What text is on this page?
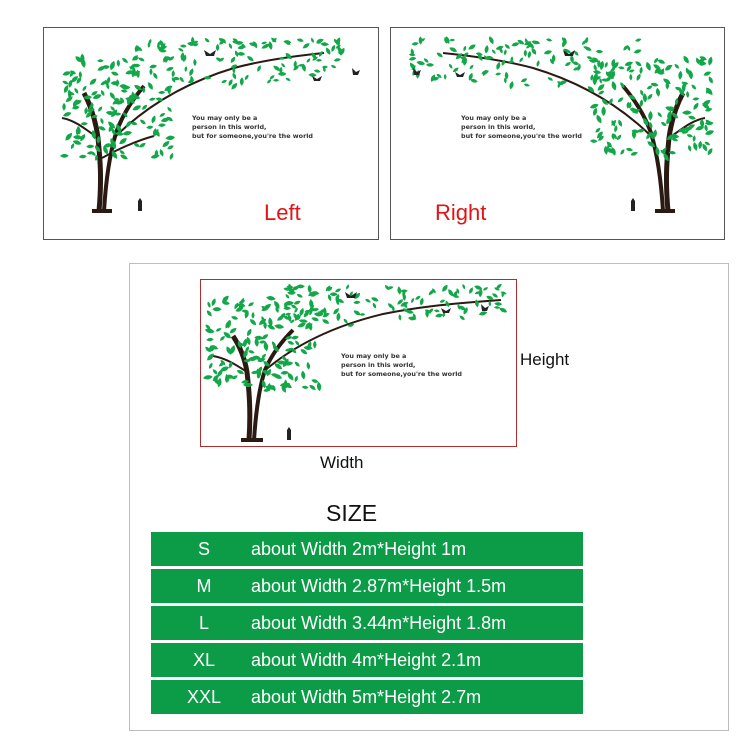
You may only be a
person in this world,
but for someone,you're the world
Left
You may only be a
person in this world,
but for someone,you're the world
Right
You may only be a
person in this world,
but for someone,you're the world
Height
Width
SIZE
S	about Width 2m*Height 1m
M	about Width 2.87m*Height 1.5m
L	about Width 3.44m*Height 1.8m
XL	about Width 4m*Height 2.1m
XXL	about Width 5m*Height 2.7m
